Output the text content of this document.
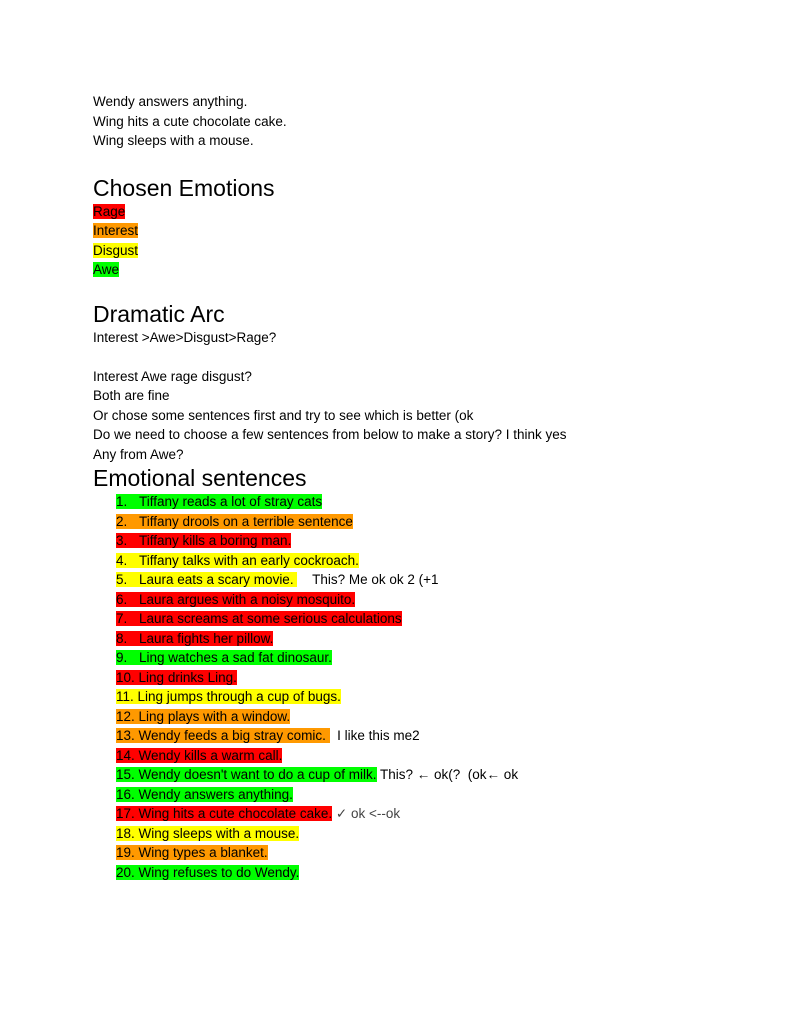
Wendy answers anything.
Wing hits a cute chocolate cake.
Wing sleeps with a mouse.
Chosen Emotions
Rage
Interest
Disgust
Awe
Dramatic Arc
Interest >Awe>Disgust>Rage?
Interest Awe rage disgust?
Both are fine
Or chose some sentences first and try to see which is better (ok
Do we need to choose a few sentences from below to make a story? I think yes
Any from Awe?
Emotional sentences
1. Tiffany reads a lot of stray cats
2. Tiffany drools on a terrible sentence
3. Tiffany kills a boring man.
4. Tiffany talks with an early cockroach.
5. Laura eats a scary movie.     This? Me ok ok 2 (+1
6. Laura argues with a noisy mosquito.
7. Laura screams at some serious calculations
8. Laura fights her pillow.
9. Ling watches a sad fat dinosaur.
10. Ling drinks Ling.
11. Ling jumps through a cup of bugs.
12. Ling plays with a window.
13. Wendy feeds a big stray comic.   I like this me2
14. Wendy kills a warm call.
15. Wendy doesn't want to do a cup of milk. This? ← ok(?  (ok← ok
16. Wendy answers anything.
17. Wing hits a cute chocolate cake. ✓ ok <--ok
18. Wing sleeps with a mouse.
19. Wing types a blanket.
20. Wing refuses to do Wendy.
